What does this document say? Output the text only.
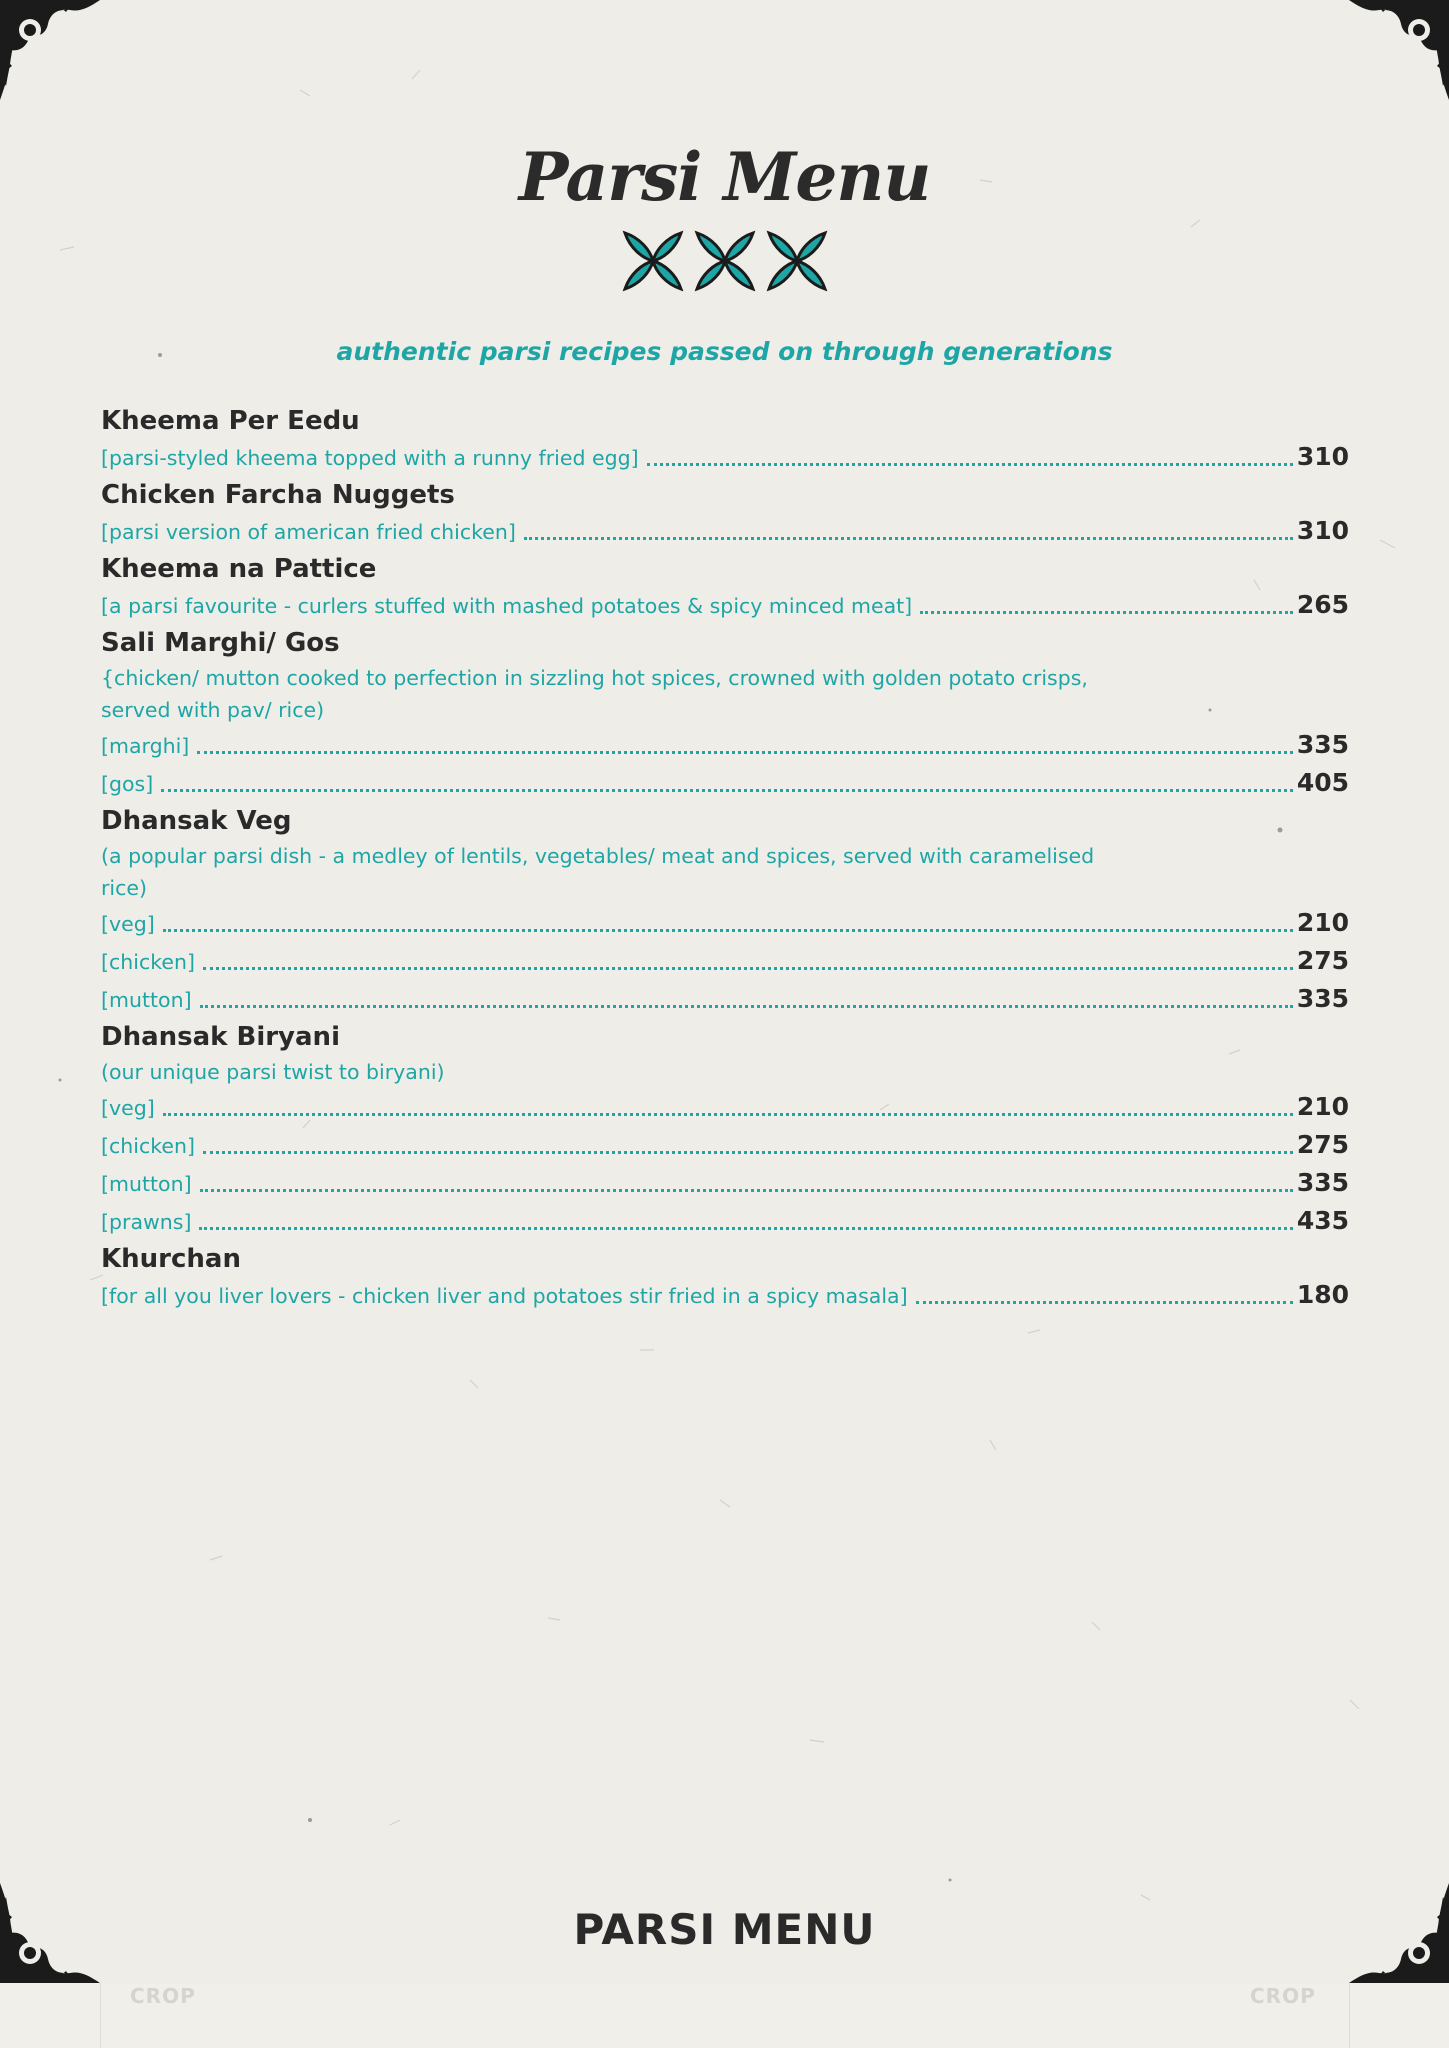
Parsi Menu

authentic parsi recipes passed on through generations

Kheema Per Eedu
[parsi-styled kheema topped with a runny fried egg]	310
Chicken Farcha Nuggets
[parsi version of american fried chicken]	310
Kheema na Pattice
[a parsi favourite - curlers stuffed with mashed potatoes & spicy minced meat]	265
Sali Marghi/ Gos
{chicken/ mutton cooked to perfection in sizzling hot spices, crowned with golden potato crisps, served with pav/ rice)
[marghi]	335
[gos]	405
Dhansak Veg
(a popular parsi dish - a medley of lentils, vegetables/ meat and spices, served with caramelised rice)
[veg]	210
[chicken]	275
[mutton]	335
Dhansak Biryani
(our unique parsi twist to biryani)
[veg]	210
[chicken]	275
[mutton]	335
[prawns]	435
Khurchan
[for all you liver lovers - chicken liver and potatoes stir fried in a spicy masala]	180
PARSI MENU
CROP	CROP
